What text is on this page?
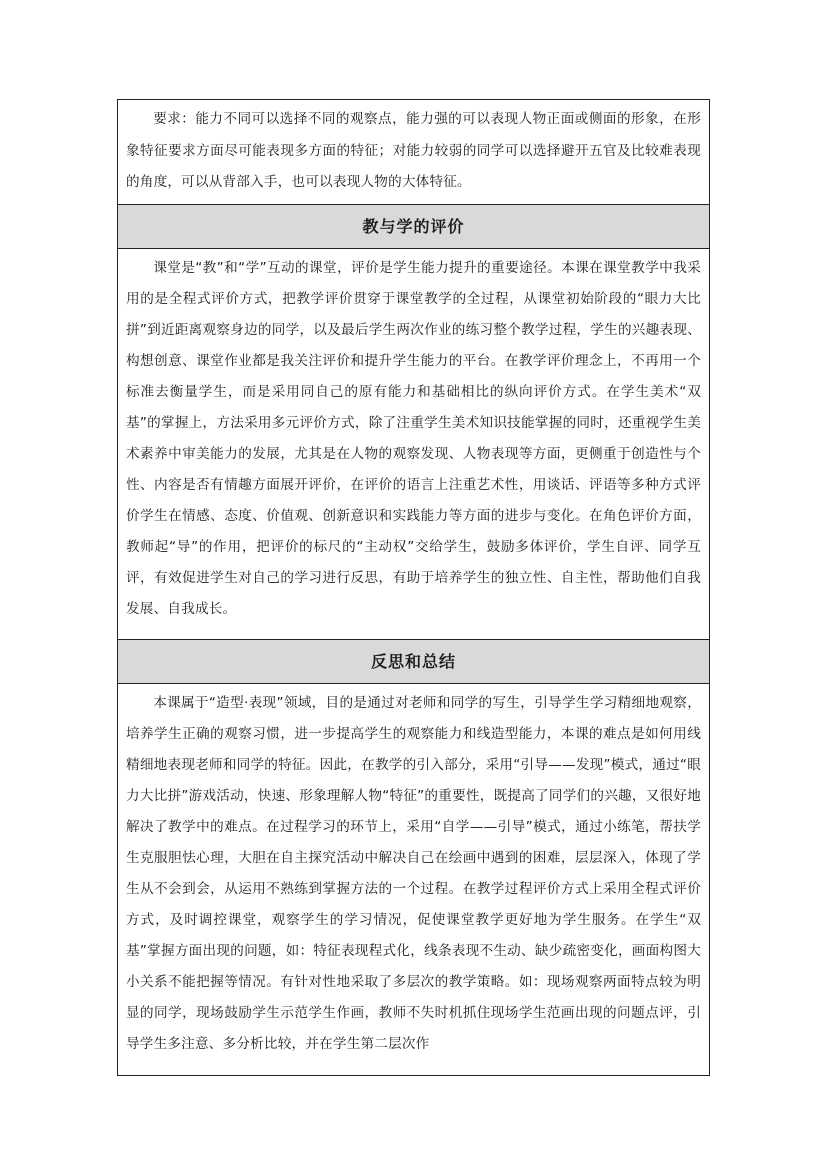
要求：能力不同可以选择不同的观察点，能力强的可以表现人物正面或侧面的形象，在形象特征要求方面尽可能表现多方面的特征；对能力较弱的同学可以选择避开五官及比较难表现的角度，可以从背部入手，也可以表现人物的大体特征。

教与学的评价

课堂是“教”和“学”互动的课堂，评价是学生能力提升的重要途径。本课在课堂教学中我采用的是全程式评价方式，把教学评价贯穿于课堂教学的全过程，从课堂初始阶段的“眼力大比拼”到近距离观察身边的同学，以及最后学生两次作业的练习整个教学过程，学生的兴趣表现、构想创意、课堂作业都是我关注评价和提升学生能力的平台。在教学评价理念上，不再用一个标准去衡量学生，而是采用同自己的原有能力和基础相比的纵向评价方式。在学生美术“双基”的掌握上，方法采用多元评价方式，除了注重学生美术知识技能掌握的同时，还重视学生美术素养中审美能力的发展，尤其是在人物的观察发现、人物表现等方面，更侧重于创造性与个性、内容是否有情趣方面展开评价，在评价的语言上注重艺术性，用谈话、评语等多种方式评价学生在情感、态度、价值观、创新意识和实践能力等方面的进步与变化。在角色评价方面，教师起“导”的作用，把评价的标尺的“主动权”交给学生，鼓励多体评价，学生自评、同学互评，有效促进学生对自己的学习进行反思，有助于培养学生的独立性、自主性，帮助他们自我发展、自我成长。

反思和总结

本课属于“造型·表现”领域，目的是通过对老师和同学的写生，引导学生学习精细地观察，培养学生正确的观察习惯，进一步提高学生的观察能力和线造型能力，本课的难点是如何用线精细地表现老师和同学的特征。因此，在教学的引入部分，采用“引导——发现”模式，通过“眼力大比拼”游戏活动，快速、形象理解人物“特征”的重要性，既提高了同学们的兴趣，又很好地解决了教学中的难点。在过程学习的环节上，采用“自学——引导”模式，通过小练笔，帮扶学生克服胆怯心理，大胆在自主探究活动中解决自己在绘画中遇到的困难，层层深入，体现了学生从不会到会，从运用不熟练到掌握方法的一个过程。在教学过程评价方式上采用全程式评价方式，及时调控课堂，观察学生的学习情况，促使课堂教学更好地为学生服务。在学生“双基”掌握方面出现的问题，如：特征表现程式化，线条表现不生动、缺少疏密变化，画面构图大小关系不能把握等情况。有针对性地采取了多层次的教学策略。如：现场观察两面特点较为明显的同学，现场鼓励学生示范学生作画，教师不失时机抓住现场学生范画出现的问题点评，引导学生多注意、多分析比较，并在学生第二层次作
